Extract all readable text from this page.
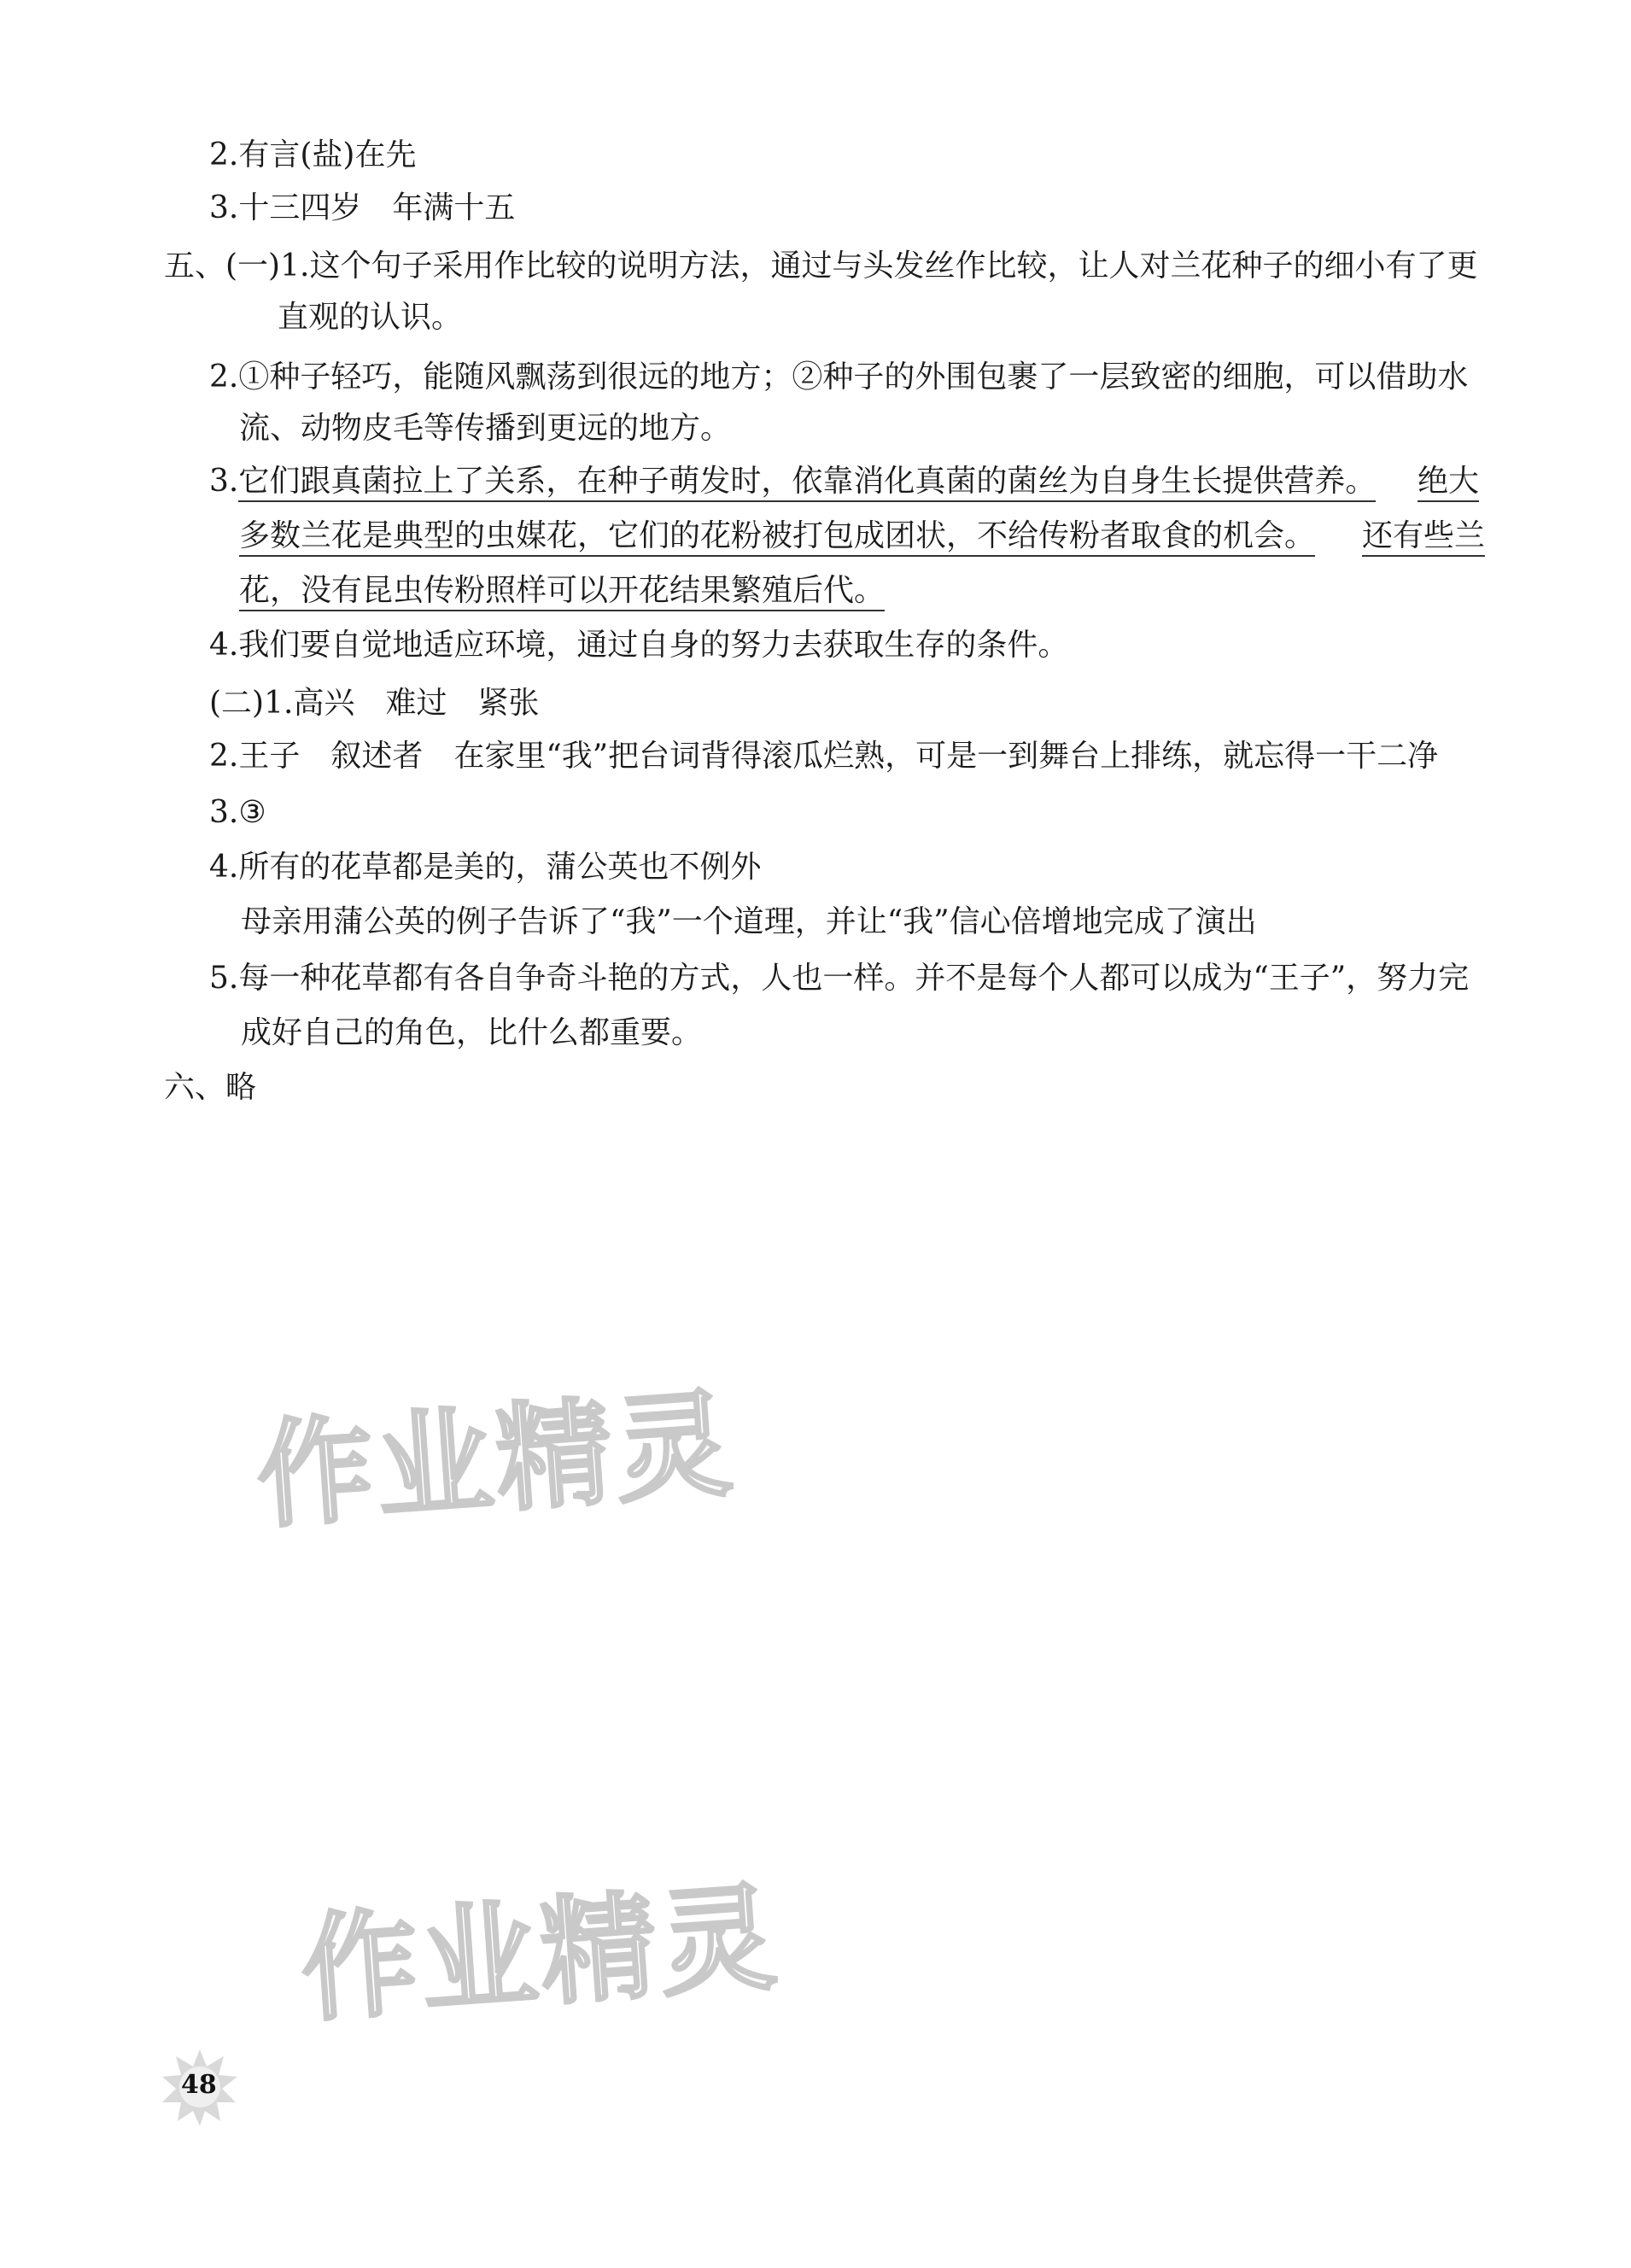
2.有言(盐)在先
3.十三四岁　年满十五
五、(一)1.这个句子采用作比较的说明方法，通过与头发丝作比较，让人对兰花种子的细小有了更
直观的认识。
2.①种子轻巧，能随风飘荡到很远的地方；②种子的外围包裹了一层致密的细胞，可以借助水
流、动物皮毛等传播到更远的地方。
3.它们跟真菌拉上了关系，在种子萌发时，依靠消化真菌的菌丝为自身生长提供营养。 绝大
多数兰花是典型的虫媒花，它们的花粉被打包成团状，不给传粉者取食的机会。 还有些兰
花，没有昆虫传粉照样可以开花结果繁殖后代。
4.我们要自觉地适应环境，通过自身的努力去获取生存的条件。
(二)1.高兴　难过　紧张
2.王子　叙述者　在家里“我”把台词背得滚瓜烂熟，可是一到舞台上排练，就忘得一干二净
3.③
4.所有的花草都是美的，蒲公英也不例外
母亲用蒲公英的例子告诉了“我”一个道理，并让“我”信心倍增地完成了演出
5.每一种花草都有各自争奇斗艳的方式，人也一样。并不是每个人都可以成为“王子”，努力完
成好自己的角色，比什么都重要。
六、略
作业精灵
作业精灵
48
